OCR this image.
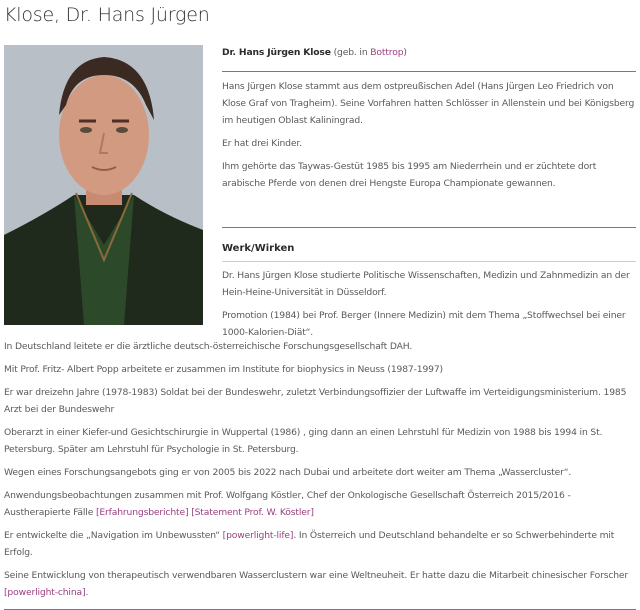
Klose, Dr. Hans Jürgen

Dr. Hans Jürgen Klose (geb. in Bottrop)

Hans Jürgen Klose stammt aus dem ostpreußischen Adel (Hans Jürgen Leo Friedrich von Klose Graf von Tragheim). Seine Vorfahren hatten Schlösser in Allenstein und bei Königsberg im heutigen Oblast Kaliningrad.

Er hat drei Kinder.

Ihm gehörte das Taywas-Gestüt 1985 bis 1995 am Niederrhein und er züchtete dort arabische Pferde von denen drei Hengste Europa Championate gewannen.

Werk/Wirken

Dr. Hans Jürgen Klose studierte Politische Wissenschaften, Medizin und Zahnmedizin an der Hein-Heine-Universität in Düsseldorf.

Promotion (1984) bei Prof. Berger (Innere Medizin) mit dem Thema „Stoffwechsel bei einer 1000-Kalorien-Diät“.

In Deutschland leitete er die ärztliche deutsch-österreichische Forschungsgesellschaft DAH.

Mit Prof. Fritz- Albert Popp arbeitete er zusammen im Institute for biophysics in Neuss (1987-1997)

Er war dreizehn Jahre (1978-1983) Soldat bei der Bundeswehr, zuletzt Verbindungsoffizier der Luftwaffe im Verteidigungsministerium. 1985 Arzt bei der Bundeswehr

Oberarzt in einer Kiefer-und Gesichtschirurgie in Wuppertal (1986) , ging dann an einen Lehrstuhl für Medizin von 1988 bis 1994 in St. Petersburg. Später am Lehrstuhl für Psychologie in St. Petersburg.

Wegen eines Forschungsangebots ging er von 2005 bis 2022 nach Dubai und arbeitete dort weiter am Thema „Wassercluster“.

Anwendungsbeobachtungen zusammen mit Prof. Wolfgang Köstler, Chef der Onkologische Gesellschaft Österreich 2015/2016 - Austherapierte Fälle [Erfahrungsberichte] [Statement Prof. W. Köstler]

Er entwickelte die „Navigation im Unbewussten“ [powerlight-life]. In Österreich und Deutschland behandelte er so Schwerbehinderte mit Erfolg.

Seine Entwicklung von therapeutisch verwendbaren Wasserclustern war eine Weltneuheit. Er hatte dazu die Mitarbeit chinesischer Forscher [powerlight-china].
